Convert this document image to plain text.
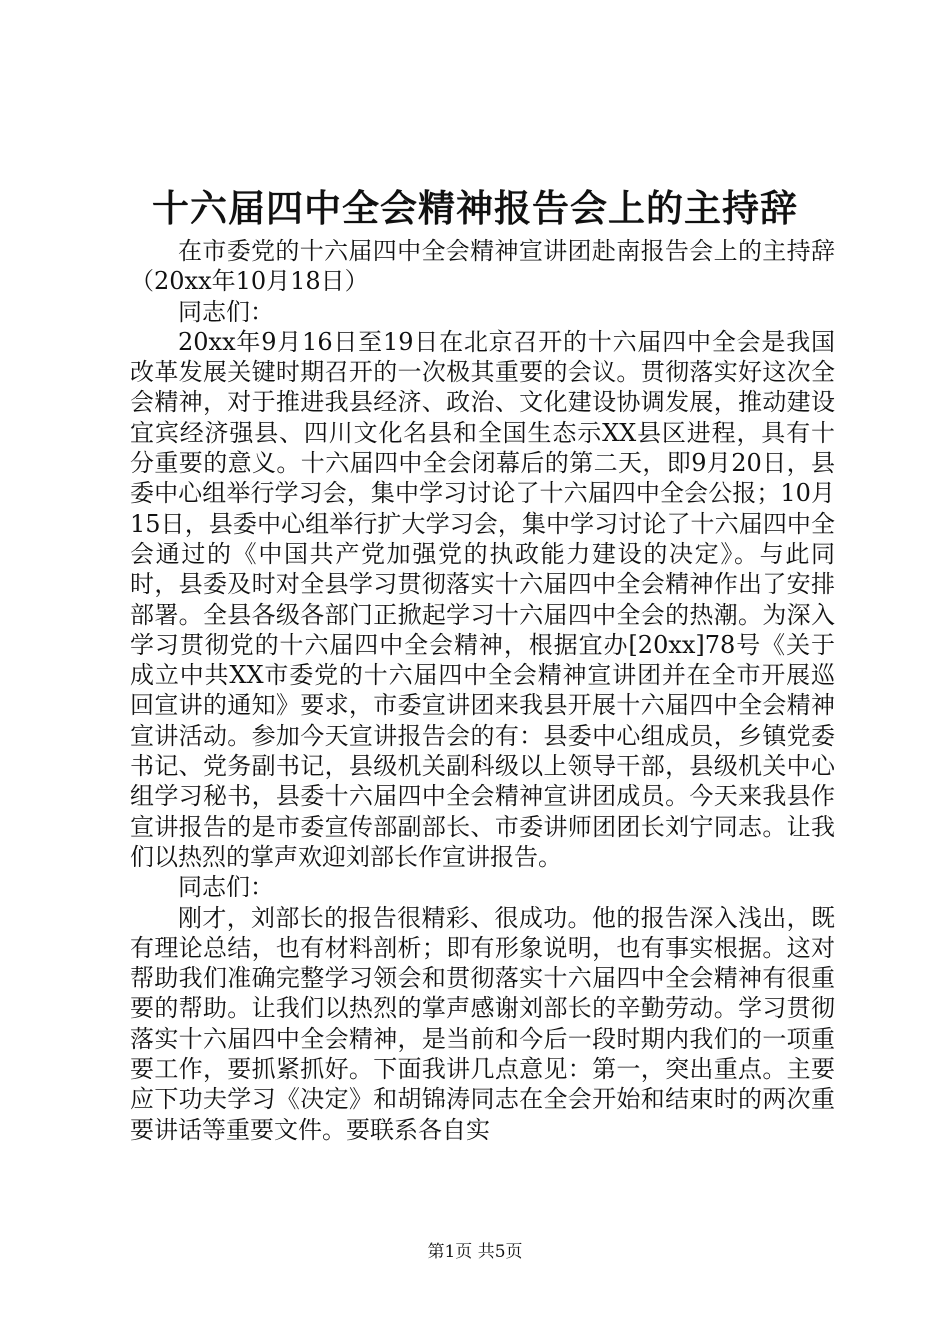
十六届四中全会精神报告会上的主持辞

在市委党的十六届四中全会精神宣讲团赴南报告会上的主持辞（20xx年10月18日）

同志们：

20xx年9月16日至19日在北京召开的十六届四中全会是我国改革发展关键时期召开的一次极其重要的会议。贯彻落实好这次全会精神，对于推进我县经济、政治、文化建设协调发展，推动建设宜宾经济强县、四川文化名县和全国生态示XX县区进程，具有十分重要的意义。十六届四中全会闭幕后的第二天，即9月20日，县委中心组举行学习会，集中学习讨论了十六届四中全会公报；10月15日，县委中心组举行扩大学习会，集中学习讨论了十六届四中全会通过的《中国共产党加强党的执政能力建设的决定》。与此同时，县委及时对全县学习贯彻落实十六届四中全会精神作出了安排部署。全县各级各部门正掀起学习十六届四中全会的热潮。为深入学习贯彻党的十六届四中全会精神，根据宜办[20xx]78号《关于成立中共XX市委党的十六届四中全会精神宣讲团并在全市开展巡回宣讲的通知》要求，市委宣讲团来我县开展十六届四中全会精神宣讲活动。参加今天宣讲报告会的有：县委中心组成员，乡镇党委书记、党务副书记，县级机关副科级以上领导干部，县级机关中心组学习秘书，县委十六届四中全会精神宣讲团成员。今天来我县作宣讲报告的是市委宣传部副部长、市委讲师团团长刘宁同志。让我们以热烈的掌声欢迎刘部长作宣讲报告。

同志们：

刚才，刘部长的报告很精彩、很成功。他的报告深入浅出，既有理论总结，也有材料剖析；即有形象说明，也有事实根据。这对帮助我们准确完整学习领会和贯彻落实十六届四中全会精神有很重要的帮助。让我们以热烈的掌声感谢刘部长的辛勤劳动。学习贯彻落实十六届四中全会精神，是当前和今后一段时期内我们的一项重要工作，要抓紧抓好。下面我讲几点意见：第一，突出重点。主要应下功夫学习《决定》和胡锦涛同志在全会开始和结束时的两次重要讲话等重要文件。要联系各自实

第1页 共5页
